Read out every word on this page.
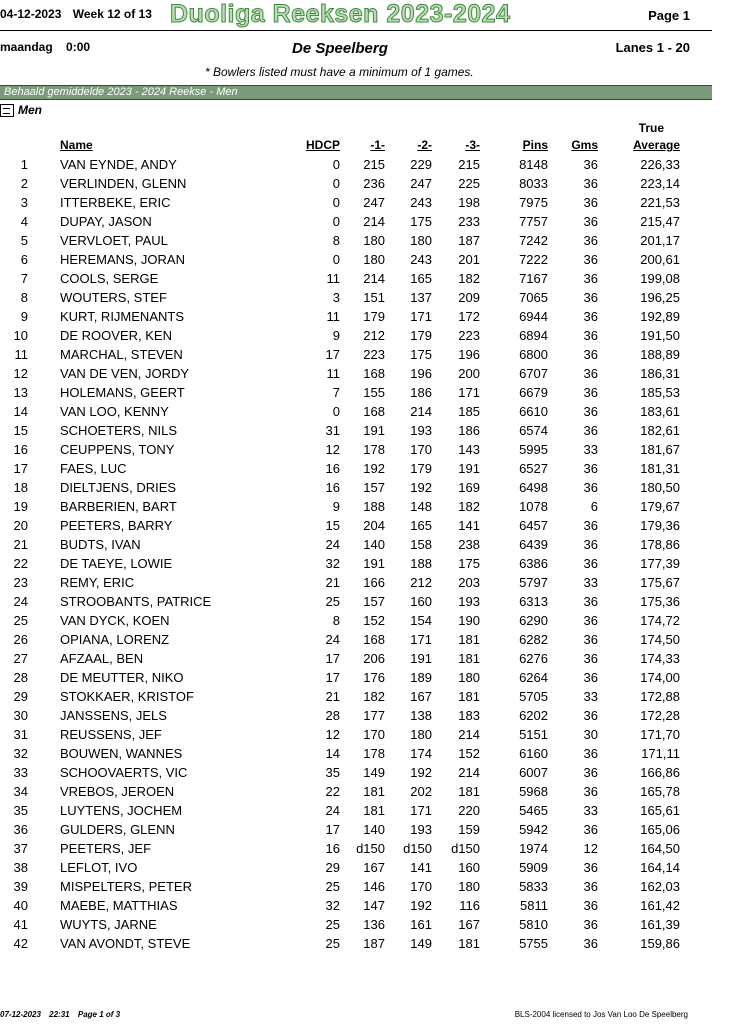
04-12-2023 Week 12 of 13 Duoliga Reeksen 2023-2024	Page 1
maandag 0:00	De Speelberg	Lanes 1 - 20
* Bowlers listed must have a minimum of 1 games.
Behaald gemiddelde 2023 - 2024 Reekse - Men
Men
Name	HDCP	-1-	-2-	-3-	Pins	Gms
True
Average
1	VAN EYNDE, ANDY	0	215	229	215	8148	36	226,33
2	VERLINDEN, GLENN	0	236	247	225	8033	36	223,14
3	ITTERBEKE, ERIC	0	247	243	198	7975	36	221,53
4	DUPAY, JASON	0	214	175	233	7757	36	215,47
5	VERVLOET, PAUL	8	180	180	187	7242	36	201,17
6	HEREMANS, JORAN	0	180	243	201	7222	36	200,61
7	COOLS, SERGE	11	214	165	182	7167	36	199,08
8	WOUTERS, STEF	3	151	137	209	7065	36	196,25
9	KURT, RIJMENANTS	11	179	171	172	6944	36	192,89
10	DE ROOVER, KEN	9	212	179	223	6894	36	191,50
11	MARCHAL, STEVEN	17	223	175	196	6800	36	188,89
12	VAN DE VEN, JORDY	11	168	196	200	6707	36	186,31
13	HOLEMANS, GEERT	7	155	186	171	6679	36	185,53
14	VAN LOO, KENNY	0	168	214	185	6610	36	183,61
15	SCHOETERS, NILS	31	191	193	186	6574	36	182,61
16	CEUPPENS, TONY	12	178	170	143	5995	33	181,67
17	FAES, LUC	16	192	179	191	6527	36	181,31
18	DIELTJENS, DRIES	16	157	192	169	6498	36	180,50
19	BARBERIEN, BART	9	188	148	182	1078	6	179,67
20	PEETERS, BARRY	15	204	165	141	6457	36	179,36
21	BUDTS, IVAN	24	140	158	238	6439	36	178,86
22	DE TAEYE, LOWIE	32	191	188	175	6386	36	177,39
23	REMY, ERIC	21	166	212	203	5797	33	175,67
24	STROOBANTS, PATRICE	25	157	160	193	6313	36	175,36
25	VAN DYCK, KOEN	8	152	154	190	6290	36	174,72
26	OPIANA, LORENZ	24	168	171	181	6282	36	174,50
27	AFZAAL, BEN	17	206	191	181	6276	36	174,33
28	DE MEUTTER, NIKO	17	176	189	180	6264	36	174,00
29	STOKKAER, KRISTOF	21	182	167	181	5705	33	172,88
30	JANSSENS, JELS	28	177	138	183	6202	36	172,28
31	REUSSENS, JEF	12	170	180	214	5151	30	171,70
32	BOUWEN, WANNES	14	178	174	152	6160	36	171,11
33	SCHOOVAERTS, VIC	35	149	192	214	6007	36	166,86
34	VREBOS, JEROEN	22	181	202	181	5968	36	165,78
35	LUYTENS, JOCHEM	24	181	171	220	5465	33	165,61
36	GULDERS, GLENN	17	140	193	159	5942	36	165,06
37	PEETERS, JEF	16	d150	d150	d150	1974	12	164,50
38	LEFLOT, IVO	29	167	141	160	5909	36	164,14
39	MISPELTERS, PETER	25	146	170	180	5833	36	162,03
40	MAEBE, MATTHIAS	32	147	192	116	5811	36	161,42
41	WUYTS, JARNE	25	136	161	167	5810	36	161,39
42	VAN AVONDT, STEVE	25	187	149	181	5755	36	159,86
07-12-2023 22:31 Page 1 of 3	BLS-2004 licensed to Jos Van Loo De Speelberg
